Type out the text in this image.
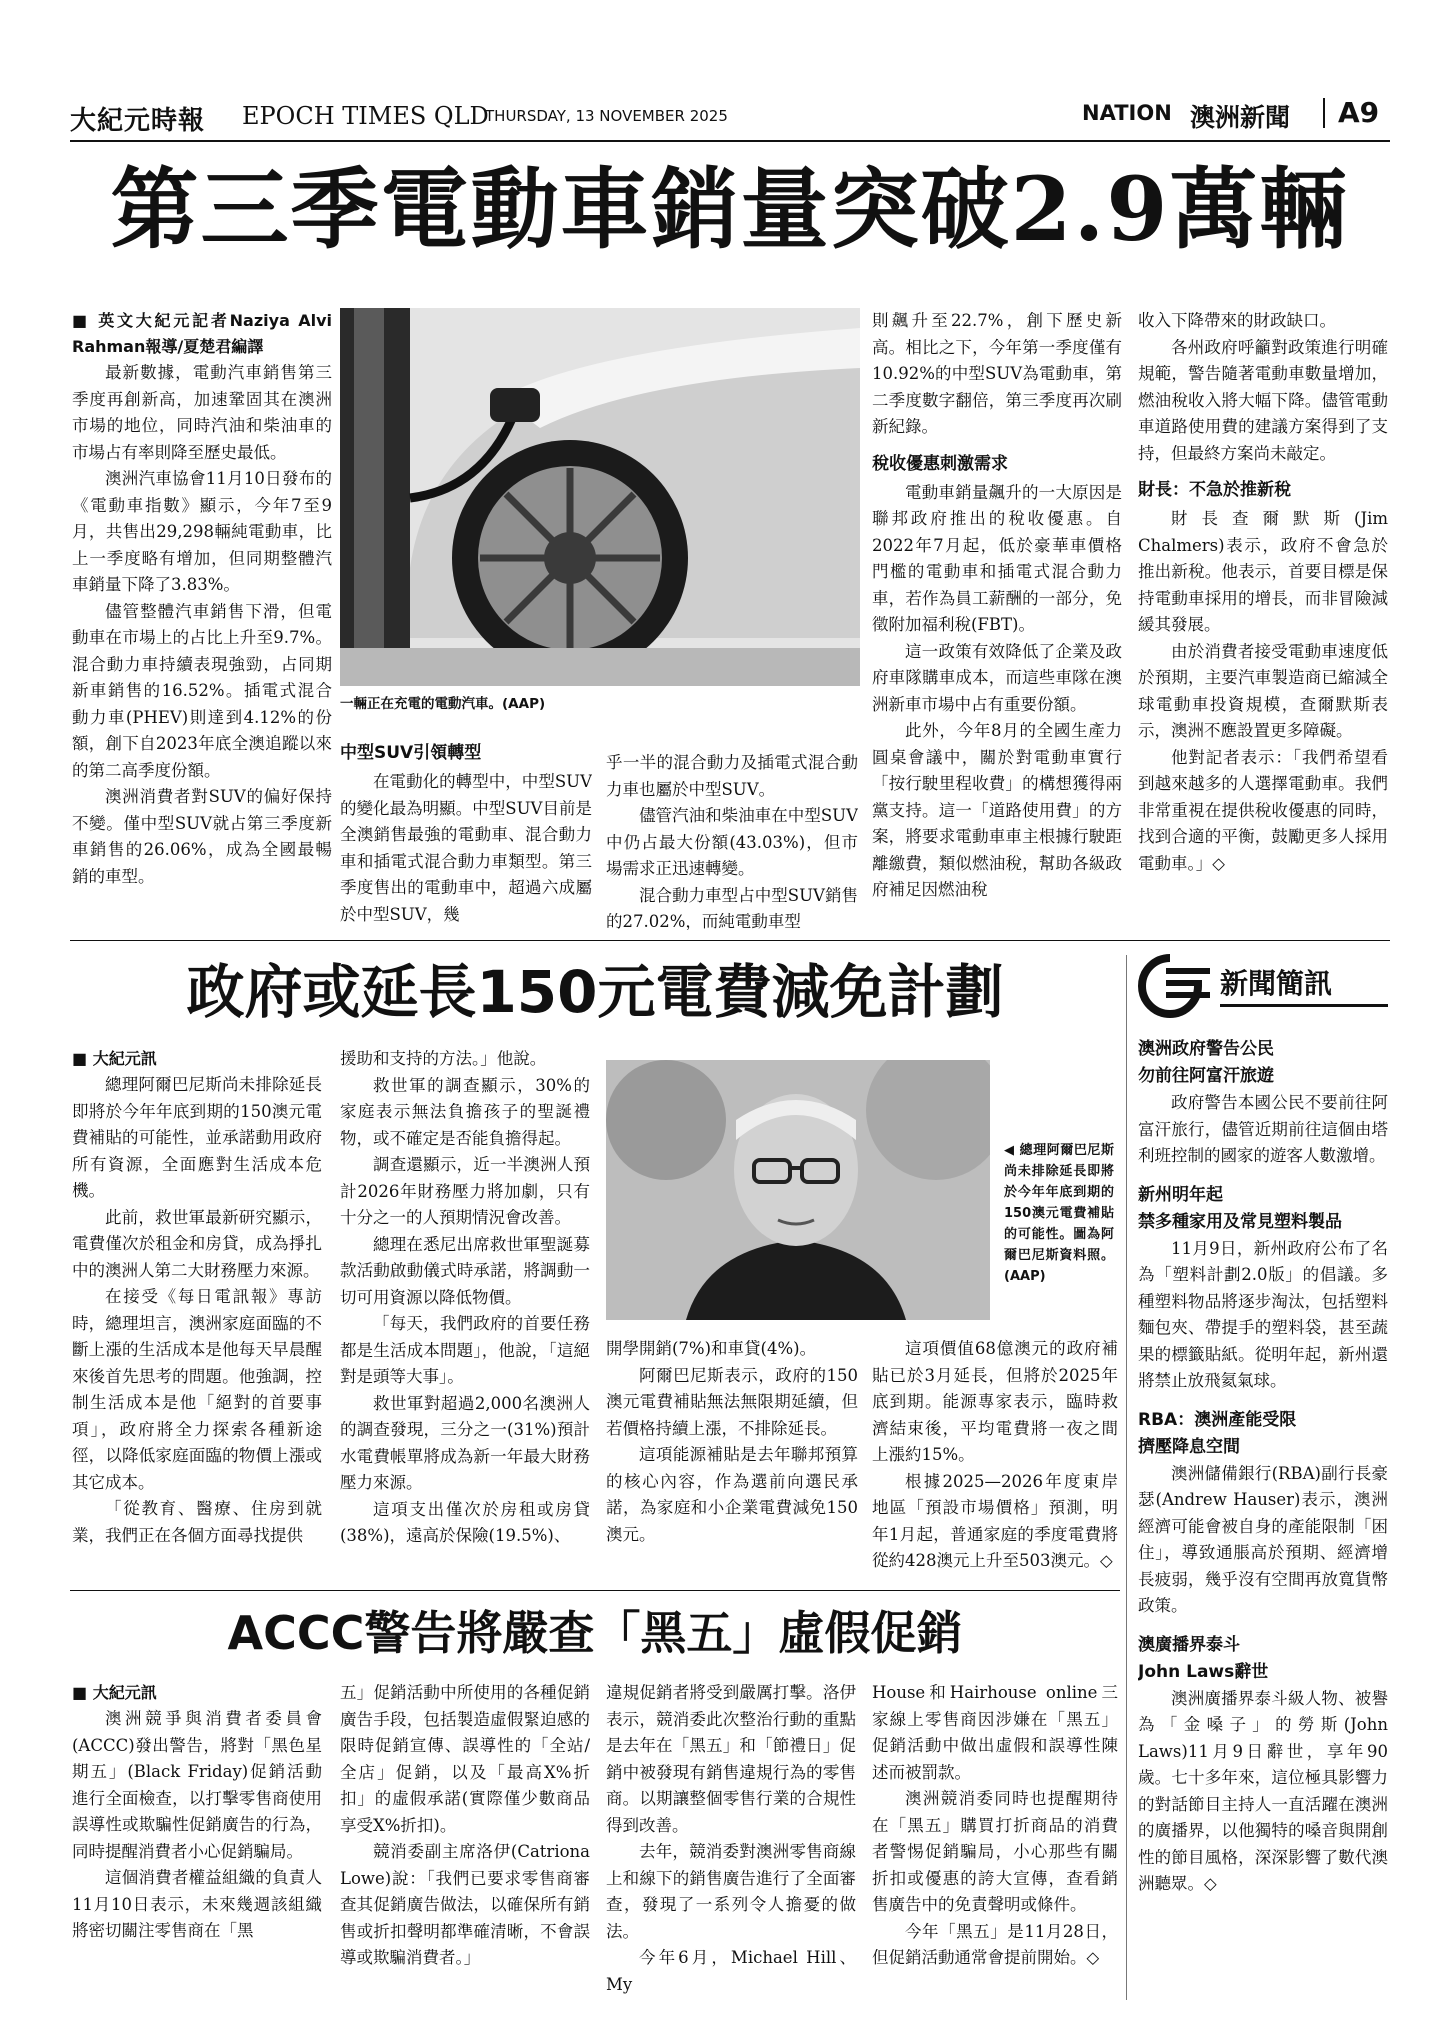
大紀元時報 EPOCH TIMES QLD
THURSDAY, 13 NOVEMBER 2025	NATION 澳洲新聞 A9
第三季電動車銷量突破2.9萬輛

■ 英文大紀元記者Naziya Alvi Rahman報導/夏楚君編譯

最新數據，電動汽車銷售第三季度再創新高，加速鞏固其在澳洲市場的地位，同時汽油和柴油車的市場占有率則降至歷史最低。

澳洲汽車協會11月10日發布的《電動車指數》顯示，今年7至9月，共售出29,298輛純電動車，比上一季度略有增加，但同期整體汽車銷量下降了3.83%。

儘管整體汽車銷售下滑，但電動車在市場上的占比上升至9.7%。混合動力車持續表現強勁，占同期新車銷售的16.52%。插電式混合動力車(PHEV)則達到4.12%的份額，創下自2023年底全澳追蹤以來的第二高季度份額。

澳洲消費者對SUV的偏好保持不變。僅中型SUV就占第三季度新車銷售的26.06%，成為全國最暢銷的車型。

一輛正在充電的電動汽車。(AAP)

中型SUV引領轉型

在電動化的轉型中，中型SUV的變化最為明顯。中型SUV目前是全澳銷售最強的電動車、混合動力車和插電式混合動力車類型。第三季度售出的電動車中，超過六成屬於中型SUV，幾

乎一半的混合動力及插電式混合動力車也屬於中型SUV。

儘管汽油和柴油車在中型SUV中仍占最大份額(43.03%)，但市場需求正迅速轉變。

混合動力車型占中型SUV銷售的27.02%，而純電動車型

則飆升至22.7%，創下歷史新高。相比之下，今年第一季度僅有10.92%的中型SUV為電動車，第二季度數字翻倍，第三季度再次刷新紀錄。

稅收優惠刺激需求

電動車銷量飆升的一大原因是聯邦政府推出的稅收優惠。自2022年7月起，低於豪華車價格門檻的電動車和插電式混合動力車，若作為員工薪酬的一部分，免徵附加福利稅(FBT)。

這一政策有效降低了企業及政府車隊購車成本，而這些車隊在澳洲新車市場中占有重要份額。

此外，今年8月的全國生產力圓桌會議中，關於對電動車實行「按行駛里程收費」的構想獲得兩黨支持。這一「道路使用費」的方案，將要求電動車車主根據行駛距離繳費，類似燃油稅，幫助各級政府補足因燃油稅

收入下降帶來的財政缺口。

各州政府呼籲對政策進行明確規範，警告隨著電動車數量增加，燃油稅收入將大幅下降。儘管電動車道路使用費的建議方案得到了支持，但最終方案尚未敲定。

財長：不急於推新稅

財長查爾默斯(Jim Chalmers)表示，政府不會急於推出新稅。他表示，首要目標是保持電動車採用的增長，而非冒險減緩其發展。

由於消費者接受電動車速度低於預期，主要汽車製造商已縮減全球電動車投資規模，查爾默斯表示，澳洲不應設置更多障礙。

他對記者表示：「我們希望看到越來越多的人選擇電動車。我們非常重視在提供稅收優惠的同時，找到合適的平衡，鼓勵更多人採用電動車。」◇

新聞簡訊

澳洲政府警告公民

勿前往阿富汗旅遊

政府警告本國公民不要前往阿富汗旅行，儘管近期前往這個由塔利班控制的國家的遊客人數激增。

新州明年起

禁多種家用及常見塑料製品

11月9日，新州政府公布了名為「塑料計劃2.0版」的倡議。多種塑料物品將逐步淘汰，包括塑料麵包夾、帶提手的塑料袋，甚至蔬果的標籤貼紙。從明年起，新州還將禁止放飛氦氣球。

RBA：澳洲產能受限

擠壓降息空間

澳洲儲備銀行(RBA)副行長豪瑟(Andrew Hauser)表示，澳洲經濟可能會被自身的產能限制「困住」，導致通脹高於預期、經濟增長疲弱，幾乎沒有空間再放寬貨幣政策。

澳廣播界泰斗

John Laws辭世

澳洲廣播界泰斗級人物、被譽為「金嗓子」的勞斯(John Laws)11月9日辭世，享年90歲。七十多年來，這位極具影響力的對話節目主持人一直活躍在澳洲的廣播界，以他獨特的嗓音與開創性的節目風格，深深影響了數代澳洲聽眾。◇

政府或延長150元電費減免計劃

■ 大紀元訊

總理阿爾巴尼斯尚未排除延長即將於今年年底到期的150澳元電費補貼的可能性，並承諾動用政府所有資源，全面應對生活成本危機。

此前，救世軍最新研究顯示，電費僅次於租金和房貸，成為掙扎中的澳洲人第二大財務壓力來源。

在接受《每日電訊報》專訪時，總理坦言，澳洲家庭面臨的不斷上漲的生活成本是他每天早晨醒來後首先思考的問題。他強調，控制生活成本是他「絕對的首要事項」，政府將全力探索各種新途徑，以降低家庭面臨的物價上漲或其它成本。

「從教育、醫療、住房到就業，我們正在各個方面尋找提供

援助和支持的方法。」他說。

救世軍的調查顯示，30%的家庭表示無法負擔孩子的聖誕禮物，或不確定是否能負擔得起。

調查還顯示，近一半澳洲人預計2026年財務壓力將加劇，只有十分之一的人預期情況會改善。

總理在悉尼出席救世軍聖誕募款活動啟動儀式時承諾，將調動一切可用資源以降低物價。

「每天，我們政府的首要任務都是生活成本問題」，他說，「這絕對是頭等大事」。

救世軍對超過2,000名澳洲人的調查發現，三分之一(31%)預計水電費帳單將成為新一年最大財務壓力來源。

這項支出僅次於房租或房貸(38%)，遠高於保險(19.5%)、

◀ 總理阿爾巴尼斯尚未排除延長即將於今年年底到期的150澳元電費補貼的可能性。圖為阿爾巴尼斯資料照。(AAP)

開學開銷(7%)和車貸(4%)。

阿爾巴尼斯表示，政府的150澳元電費補貼無法無限期延續，但若價格持續上漲，不排除延長。

這項能源補貼是去年聯邦預算的核心內容，作為選前向選民承諾，為家庭和小企業電費減免150澳元。

這項價值68億澳元的政府補貼已於3月延長，但將於2025年底到期。能源專家表示，臨時救濟結束後，平均電費將一夜之間上漲約15%。

根據2025—2026年度東岸地區「預設市場價格」預測，明年1月起，普通家庭的季度電費將從約428澳元上升至503澳元。◇

ACCC警告將嚴查「黑五」虛假促銷

■ 大紀元訊

澳洲競爭與消費者委員會(ACCC)發出警告，將對「黑色星期五」(Black Friday)促銷活動進行全面檢查，以打擊零售商使用誤導性或欺騙性促銷廣告的行為，同時提醒消費者小心促銷騙局。

這個消費者權益組織的負責人11月10日表示，未來幾週該組織將密切關注零售商在「黑

五」促銷活動中所使用的各種促銷廣告手段，包括製造虛假緊迫感的限時促銷宣傳、誤導性的「全站/全店」促銷，以及「最高X%折扣」的虛假承諾(實際僅少數商品享受X%折扣)。

競消委副主席洛伊(Catriona Lowe)說：「我們已要求零售商審查其促銷廣告做法，以確保所有銷售或折扣聲明都準確清晰，不會誤導或欺騙消費者。」

違規促銷者將受到嚴厲打擊。洛伊表示，競消委此次整治行動的重點是去年在「黑五」和「節禮日」促銷中被發現有銷售違規行為的零售商。以期讓整個零售行業的合規性得到改善。

去年，競消委對澳洲零售商線上和線下的銷售廣告進行了全面審查，發現了一系列令人擔憂的做法。

今年6月，Michael Hill、My

House和Hairhouse online三家線上零售商因涉嫌在「黑五」促銷活動中做出虛假和誤導性陳述而被罰款。

澳洲競消委同時也提醒期待在「黑五」購買打折商品的消費者警惕促銷騙局，小心那些有關折扣或優惠的誇大宣傳，查看銷售廣告中的免責聲明或條件。

今年「黑五」是11月28日，但促銷活動通常會提前開始。◇
